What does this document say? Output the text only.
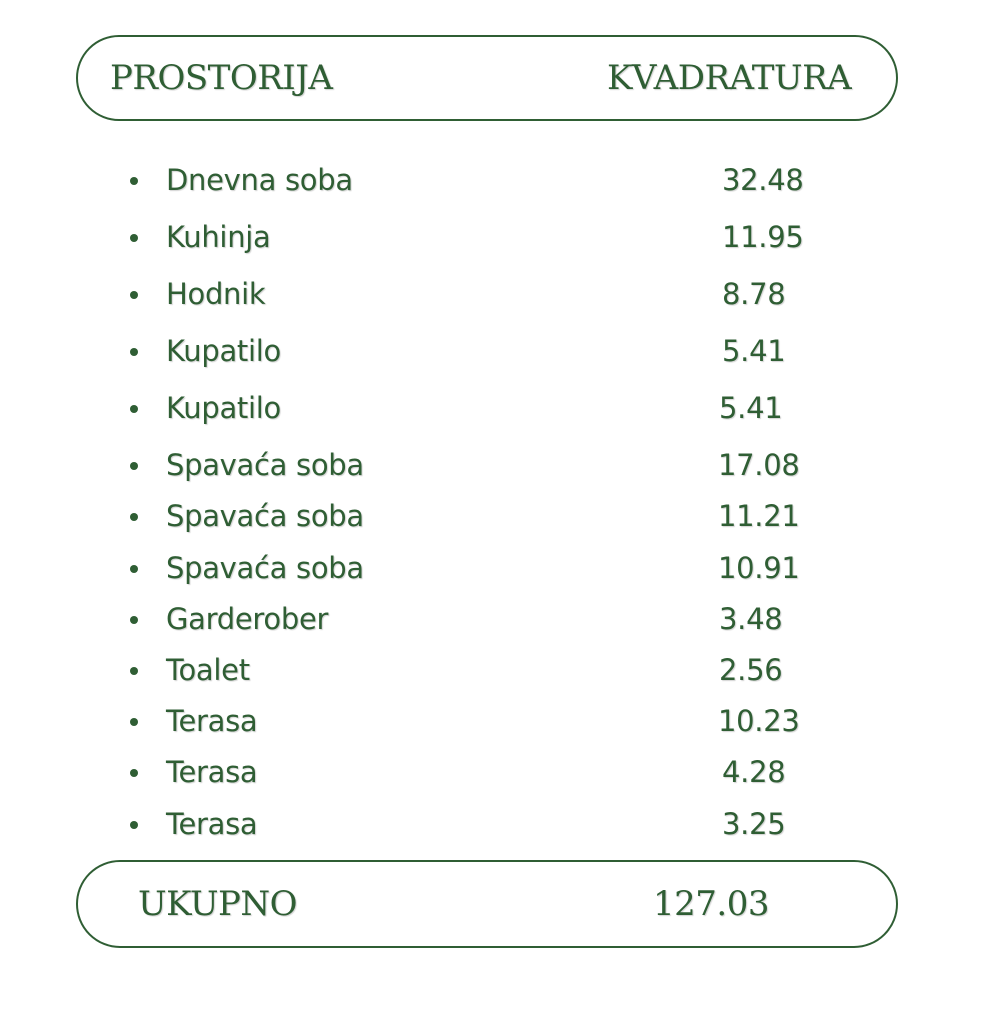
PROSTORIJA	KVADRATURA
Dnevna soba	32.48
Kuhinja	11.95
Hodnik	8.78
Kupatilo	5.41
Kupatilo	5.41
Spavaća soba	17.08
Spavaća soba	11.21
Spavaća soba	10.91
Garderober	3.48
Toalet	2.56
Terasa	10.23
Terasa	4.28
Terasa	3.25
UKUPNO	127.03
